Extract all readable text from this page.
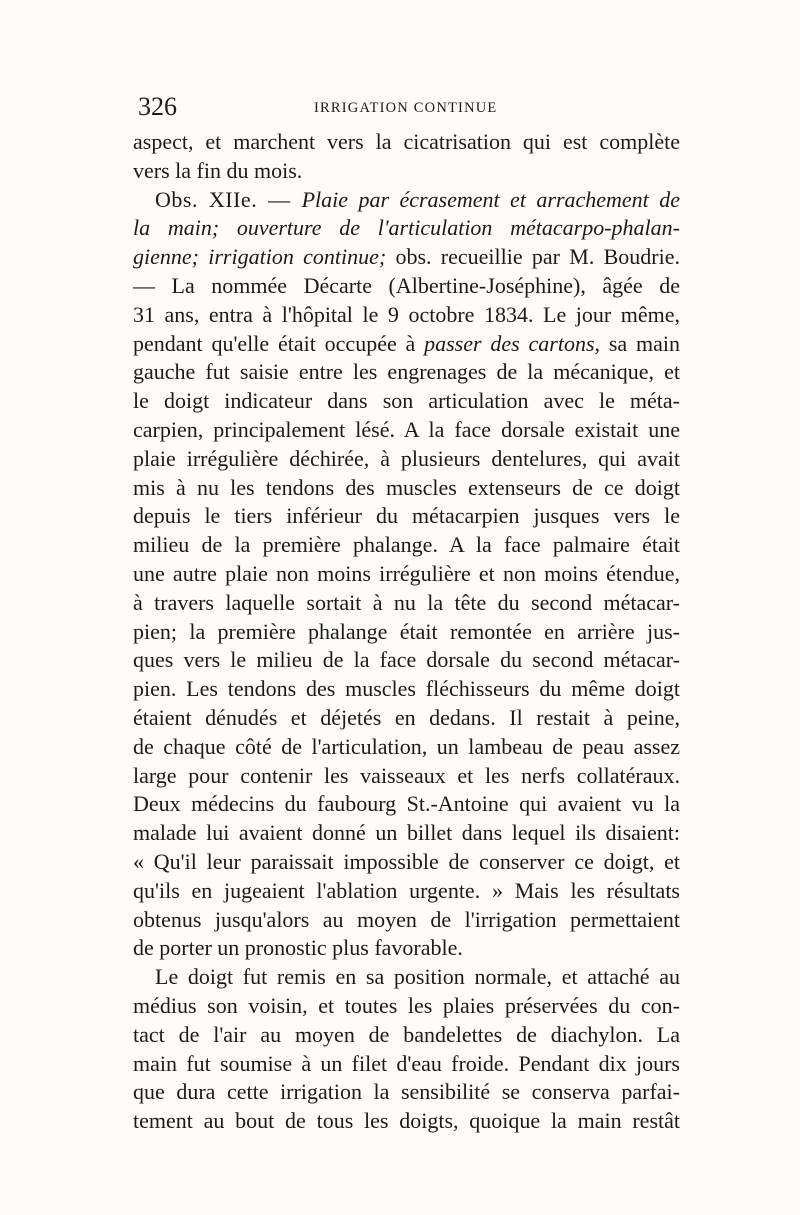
326	IRRIGATION CONTINUE
aspect, et marchent vers la cicatrisation qui est complète
vers la fin du mois.
Obs. XIIe. — Plaie par écrasement et arrachement de
la main; ouverture de l'articulation métacarpo-phalan-
gienne; irrigation continue; obs. recueillie par M. Boudrie.
— La nommée Décarte (Albertine-Joséphine), âgée de
31 ans, entra à l'hôpital le 9 octobre 1834. Le jour même,
pendant qu'elle était occupée à passer des cartons, sa main
gauche fut saisie entre les engrenages de la mécanique, et
le doigt indicateur dans son articulation avec le méta-
carpien, principalement lésé. A la face dorsale existait une
plaie irrégulière déchirée, à plusieurs dentelures, qui avait
mis à nu les tendons des muscles extenseurs de ce doigt
depuis le tiers inférieur du métacarpien jusques vers le
milieu de la première phalange. A la face palmaire était
une autre plaie non moins irrégulière et non moins étendue,
à travers laquelle sortait à nu la tête du second métacar-
pien; la première phalange était remontée en arrière jus-
ques vers le milieu de la face dorsale du second métacar-
pien. Les tendons des muscles fléchisseurs du même doigt
étaient dénudés et déjetés en dedans. Il restait à peine,
de chaque côté de l'articulation, un lambeau de peau assez
large pour contenir les vaisseaux et les nerfs collatéraux.
Deux médecins du faubourg St.-Antoine qui avaient vu la
malade lui avaient donné un billet dans lequel ils disaient:
« Qu'il leur paraissait impossible de conserver ce doigt, et
qu'ils en jugeaient l'ablation urgente. » Mais les résultats
obtenus jusqu'alors au moyen de l'irrigation permettaient
de porter un pronostic plus favorable.
Le doigt fut remis en sa position normale, et attaché au
médius son voisin, et toutes les plaies préservées du con-
tact de l'air au moyen de bandelettes de diachylon. La
main fut soumise à un filet d'eau froide. Pendant dix jours
que dura cette irrigation la sensibilité se conserva parfai-
tement au bout de tous les doigts, quoique la main restât
